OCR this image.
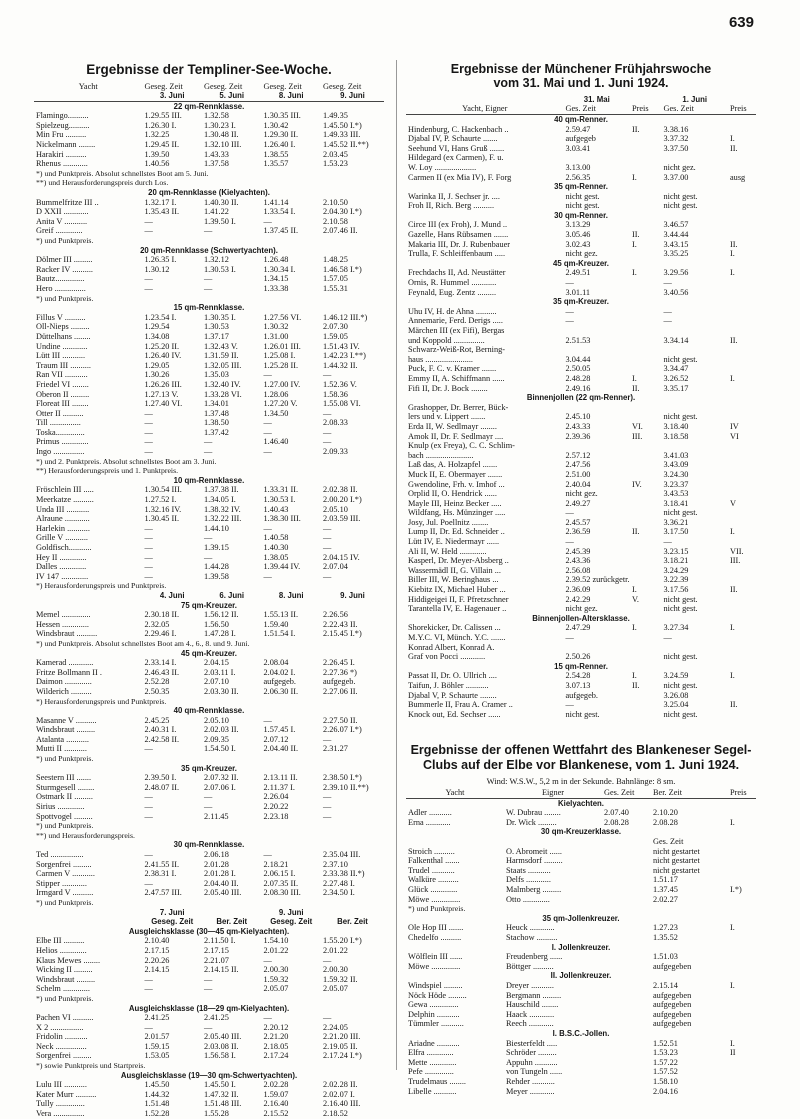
639
Ergebnisse der Templiner-See-Woche.
Yacht	Geseg. Zeit	Geseg. Zeit	Geseg. Zeit	Geseg. Zeit
	3. Juni	5. Juni	8. Juni	9. Juni
22 qm-Rennklasse.				
Flamingo..........	1.29.55 III.	1.32.58	1.30.35 III.	1.49.35
Spielzeug..........	1.26.30 I.	1.30.23 I.	1.30.42	1.45.50 I.*)
Min Fru ..........	1.32.25	1.30.48 II.	1.29.30 II.	1.49.33 III.
Nickelmann ........	1.29.45 II.	1.32.10 III.	1.26.40 I.	1.45.52 II.**)
Harakiri ..........	1.39.50	1.43.33	1.38.55	2.03.45
Rhenus ............	1.40.56	1.37.58	1.35.57	1.53.23
*) und Punktpreis. Absolut schnellstes Boot am 5. Juni.				
**) und Herausforderungspreis durch Los.				
20 qm-Rennklasse (Kielyachten).				
Bummelfritze III ..	1.32.17 I.	1.40.30 II.	1.41.14	2.10.50
D XXII ............	1.35.43 II.	1.41.22	1.33.54 I.	2.04.30 I.*)
Anita V ...........	—	1.39.50 I.	—	2.10.58
Greif .............	—	—	1.37.45 II.	2.07.46 II.
*) und Punktpreis.				
20 qm-Rennklasse (Schwertyachten).				
Dölmer III .........	1.26.35 I.	1.32.12	1.26.48	1.48.25
Racker IV ..........	1.30.12	1.30.53 I.	1.30.34 I.	1.46.58 I.*)
Bautz..............	—	—	1.34.15	1.57.05
Hero ...............	—	—	1.33.38	1.55.31
*) und Punktpreis.				
15 qm-Rennklasse.				
Fillus V ..........	1.23.54 I.	1.30.35 I.	1.27.56 VI.	1.46.12 III.*)
Oll-Nieps .........	1.29.54	1.30.53	1.30.32	2.07.30
Düttelhans ........	1.34.08	1.37.17	1.31.00	1.59.05
Undine ............	1.25.20 II.	1.32.43 V.	1.26.01 III.	1.51.43 IV.
Lütt III ...........	1.26.40 IV.	1.31.59 II.	1.25.08 I.	1.42.23 I.**)
Traum III ..........	1.29.05	1.32.05 III.	1.25.28 II.	1.44.32 II.
Ran VII ...........	1.30.26	1.35.03	—	—
Friedel VI ........	1.26.26 III.	1.32.40 IV.	1.27.00 IV.	1.52.36 V.
Oberon II .........	1.27.13 V.	1.33.28 VI.	1.28.06	1.58.36
Floreat III ........	1.27.40 VI.	1.34.01	1.27.20 V.	1.55.08 VI.
Otter II ..........	—	1.37.48	1.34.50	—
Till ...............	—	1.38.50	—	2.08.33
Toska..............	—	1.37.42	—	—
Primus .............	—	—	1.46.40	—
Ingo ...............	—	—	—	2.09.33
*) und 2. Punktpreis. Absolut schnellstes Boot am 3. Juni.				
**) Herausforderungspreis und 1. Punktpreis.				
10 qm-Rennklasse.				
Fröschlein III .....	1.30.54 III.	1.37.38 II.	1.33.31 II.	2.02.38 II.
Meerkatze ..........	1.27.52 I.	1.34.05 I.	1.30.53 I.	2.00.20 I.*)
Unda III ...........	1.32.16 IV.	1.38.32 IV.	1.40.43	2.05.10
Alraune ............	1.30.45 II.	1.32.22 III.	1.38.30 III.	2.03.59 III.
Harlekin ...........	—	1.44.10	—	—
Grille V ...........	—	—	1.40.58	—
Goldfisch...........	—	1.39.15	1.40.30	—
Hey II .............	—	—	1.38.05	2.04.15 IV.
Dalles .............	—	1.44.28	1.39.44 IV.	2.07.04
IV 147 .............	—	1.39.58	—	—
*) Herausforderungspreis und Punktpreis.				
	4. Juni	6. Juni	8. Juni	9. Juni
75 qm-Kreuzer.				
Memel ..............	2.30.18 II.	1.56.12 II.	1.55.13 II.	2.26.56
Hessen .............	2.32.05	1.56.50	1.59.40	2.22.43 II.
Windsbraut ..........	2.29.46 I.	1.47.28 I.	1.51.54 I.	2.15.45 I.*)
*) und Punktpreis. Absolut schnellstes Boot am 4., 6., 8. und 9. Juni.				
45 qm-Kreuzer.				
Kamerad ............	2.33.14 I.	2.04.15	2.08.04	2.26.45 I.
Fritze Bollmann II .	2.46.43 II.	2.03.11 I.	2.04.02 I.	2.27.36 *)
Daimon .............	2.52.28	2.07.10	aufgegeb.	aufgegeb.
Wilderich ..........	2.50.35	2.03.30 II.	2.06.30 II.	2.27.06 II.
*) Herausforderungspreis und Punktpreis.				
40 qm-Rennklasse.				
Masanne V ..........	2.45.25	2.05.10	—	2.27.50 II.
Windsbraut .........	2.40.31 I.	2.02.03 II.	1.57.45 I.	2.26.07 I.*)
Atalanta ...........	2.42.58 II.	2.09.35	2.07.12	—
Mutti II ...........	—	1.54.50 I.	2.04.40 II.	2.31.27
*) und Punktpreis.				
35 qm-Kreuzer.				
Seestern III .......	2.39.50 I.	2.07.32 II.	2.13.11 II.	2.38.50 I.*)
Sturmgesell ........	2.48.07 II.	2.07.06 I.	2.11.37 I.	2.39.10 II.**)
Ostmark II .........	—	—	2.26.04	—
Sirius .............	—	—	2.20.22	—
Spottvogel .........	—	2.11.45	2.23.18	—
*) und Punktpreis.				
**) und Herausforderungspreis.				
30 qm-Rennklasse.				
Ted ................	—	2.06.18	—	2.35.04 III.
Sorgenfrei .........	2.41.55 II.	2.01.28	2.18.21	2.37.10
Carmen V ...........	2.38.31 I.	2.01.28 I.	2.06.15 I.	2.33.38 II.*)
Stipper ............	—	2.04.40 II.	2.07.35 II.	2.27.48 I.
Irmgard V ..........	2.47.57 III.	2.05.40 III.	2.08.30 III.	2.34.50 I.
*) und Punktpreis.				
	7. Juni		9. Juni	
	Geseg. Zeit	Ber. Zeit	Geseg. Zeit	Ber. Zeit
Ausgleichsklasse (30—45 qm-Kielyachten).				
Elbe III ..........	2.10.40	2.11.50 I.	1.54.10	1.55.20 I.*)
Helios .............	2.17.15	2.17.15	2.01.22	2.01.22
Klaus Mewes ........	2.20.26	2.21.07	—	—
Wicking II .........	2.14.15	2.14.15 II.	2.00.30	2.00.30
Windsbraut .........	—	—	1.59.32	1.59.32 II.
Schelm .............	—	—	2.05.07	2.05.07
*) und Punktpreis.				
Ausgleichsklasse (18—29 qm-Kielyachten).				
Pachen VI ..........	2.41.25	2.41.25	—	—
X 2 ................	—	—	2.20.12	2.24.05
Fridolin ...........	2.01.57	2.05.40 III.	2.21.20	2.21.20 III.
Neck ...............	1.59.15	2.03.08 II.	2.18.05	2.19.05 II.
Sorgenfrei .........	1.53.05	1.56.58 I.	2.17.24	2.17.24 I.*)
*) sowie Punktpreis und Startpreis.				
Ausgleichsklasse (19—30 qm-Schwertyachten).				
Lulu III ...........	1.45.50	1.45.50 I.	2.02.28	2.02.28 II.
Kater Murr ..........	1.44.32	1.47.32 II.	1.59.07	2.02.07 I.
Tully ..............	1.51.48	1.51.48 III.	2.16.40	2.16.40 III.
Vera ...............	1.52.28	1.55.28	2.15.52	2.18.52
Ergebnisse der Münchener Frühjahrswoche
vom 31. Mai und 1. Juni 1924.
	31. Mai		1. Juni	
Yacht, Eigner	Ges. Zeit	Preis	Ges. Zeit	Preis
40 qm-Renner.				
Hindenburg, C. Hackenbach ..	2.59.47	II.	3.38.16	
Djabal IV, P. Schaurte .......	aufgegeb		3.37.32	I.
Seehund VI, Hans Gruß .......	3.03.41		3.37.50	II.
Hildegard (ex Carmen), F. u.				
W. Loy ....................	3.13.00		nicht gez.	
Carmen II (ex Mia IV), F. Forg	2.56.35	I.	3.37.00	ausg
35 qm-Renner.				
Warinka II, J. Sechser jr. ....	nicht gest.		nicht gest.	
Froh II, Rich. Berg ..........	nicht gest.		nicht gest.	
30 qm-Renner.				
Circe III (ex Froh), J. Mund ..	3.13.29		3.46.57	
Gazelle, Hans Rübsamen .......	3.05.46	II.	3.44.44	
Makaria III, Dr. J. Rubenbauer	3.02.43	I.	3.43.15	II.
Trulla, F. Schleiffenbaum .....	nicht gez.		3.35.25	I.
45 qm-Kreuzer.				
Frechdachs II, Ad. Neustätter	2.49.51	I.	3.29.56	I.
Ornis, R. Hummel ............	—		—	
Feynald, Eug. Zentz .........	3.01.11		3.40.56	
35 qm-Kreuzer.				
Uhu IV, H. de Ahna ..........	—		—	
Annemarie, Ferd. Derigs .....	—		—	
Märchen III (ex Fifi), Bergas				
und Koppold ...............	2.51.53		3.34.14	II.
Schwarz-Weiß-Rot, Berning-				
haus .......................	3.04.44		nicht gest.	
Puck, F. C. v. Kramer .......	2.50.05		3.34.47	
Emmy II, A. Schiffmann ......	2.48.28	I.	3.26.52	I.
Fifi II, Dr. J. Bock ........	2.49.16	II.	3.35.17	
Binnenjollen (22 qm-Renner).				
Grashopper, Dr. Berrer, Bück-				
lers und v. Lippert .......	2.45.10		nicht gest.	
Erda II, W. Sedlmayr ........	2.43.33	VI.	3.18.40	IV
Amok II, Dr. F. Sedlmayr ....	2.39.36	III.	3.18.58	VI
Knulp (ex Freya), C. C. Schlim-				
bach .......................	2.57.12		3.41.03	
Laß das, A. Holzapfel .......	2.47.56		3.43.09	
Muck II, E. Obermayer .......	2.51.00		3.24.30	
Gwendoline, Frh. v. Imhof ...	2.40.04	IV.	3.23.37	
Orplid II, O. Hendrick ......	nicht gez.		3.43.53	
Mayle III, Heinz Becker .....	2.49.27		3.18.41	V
Wildfang, Hs. Münzinger .....	—		nicht gest.	
Josy, Jul. Poellnitz ........	2.45.57		3.36.21	
Lump II, Dr. Ed. Schneider ..	2.36.59	II.	3.17.50	I.
Lütt IV, E. Niedermayr ......	—		—	
Ali II, W. Held .............	2.45.39		3.23.15	VII.
Kasperl, Dr. Meyer-Absberg ..	2.43.36		3.18.21	III.
Wassermädl II, G. Villain ...	2.56.08		3.24.29	
Biller III, W. Beringhaus ...	2.39.52 zurückgetr.		3.22.39	
Kiebitz IX, Michael Huber ...	2.36.09	I.	3.17.56	II.
Hiddigeigei II, F. Pfretzschner	2.42.29	V.	nicht gest.	
Tarantella IV, E. Hagenauer ..	nicht gez.		nicht gest.	
Binnenjollen-Altersklasse.				
Shorekicker, Dr. Calissen ...	2.47.29	I.	3.27.34	I.
M.Y.C. VI, Münch. Y.C. .......	—		—	
Konrad Albert, Konrad A.				
Graf von Pocci ............	2.50.26		nicht gest.	
15 qm-Renner.				
Passat II, Dr. O. Ullrich ....	2.54.28	I.	3.24.59	I.
Taifun, J. Böhler ...........	3.07.13	II.	nicht gest.	
Djabal V, P. Schaurte ........	aufgegeb.		3.26.08	
Bummerle II, Frau A. Cramer ..	—		3.25.04	II.
Knock out, Ed. Sechser ......	nicht gest.		nicht gest.	
Ergebnisse der offenen Wettfahrt des Blankeneser Segel-
Clubs auf der Elbe vor Blankenese, vom 1. Juni 1924.
Wind: W.S.W., 5,2 m in der Sekunde. Bahnlänge: 8 sm.
Yacht	Eigner	Ges. Zeit	Ber. Zeit	Preis
Kielyachten.				
Adler ...........	W. Dubrau ........	2.07.40	2.10.20	
Erna ............	Dr. Wick .........	2.08.28	2.08.28	I.
30 qm-Kreuzerklasse.				
			Ges. Zeit	
Stroich ..........	O. Abromeit ......		nicht gestartet	
Falkenthal .......	Harmsdorf .........		nicht gestartet	
Trudel ...........	Staats ...........		nicht gestartet	
Walküre ..........	Delfs ............		1.51.17	
Glück .............	Malmberg .........		1.37.45	I.*)
Möwe ..............	Otto .............		2.02.27	
*) und Punktpreis.				
35 qm-Jollenkreuzer.				
Ole Hop III .......	Heuck ............		1.27.23	I.
Chedelfo ..........	Stachow ..........		1.35.52	
I. Jollenkreuzer.				
Wölflein III ......	Freudenberg ......		1.51.03	
Möwe ..............	Böttger ..........		aufgegeben	
II. Jollenkreuzer.				
Windspiel .........	Dreyer ...........		2.15.14	I.
Nöck Höde .........	Bergmann .........		aufgegeben	
Gewa ..............	Hauschild ........		aufgegeben	
Delphin ...........	Haack ............		aufgegeben	
Tümmler ...........	Reech ............		aufgegeben	
I. B.S.C.-Jollen.				
Ariadne ...........	Biesterfeldt .....		1.52.51	I.
Elfra .............	Schröder .........		1.53.23	II
Mette .............	Appuhn ...........		1.57.22	
Pefe ..............	von Tungeln ......		1.57.52	
Trudelmaus ........	Rehder ...........		1.58.10	
Libelle ...........	Meyer ............		2.04.16	
